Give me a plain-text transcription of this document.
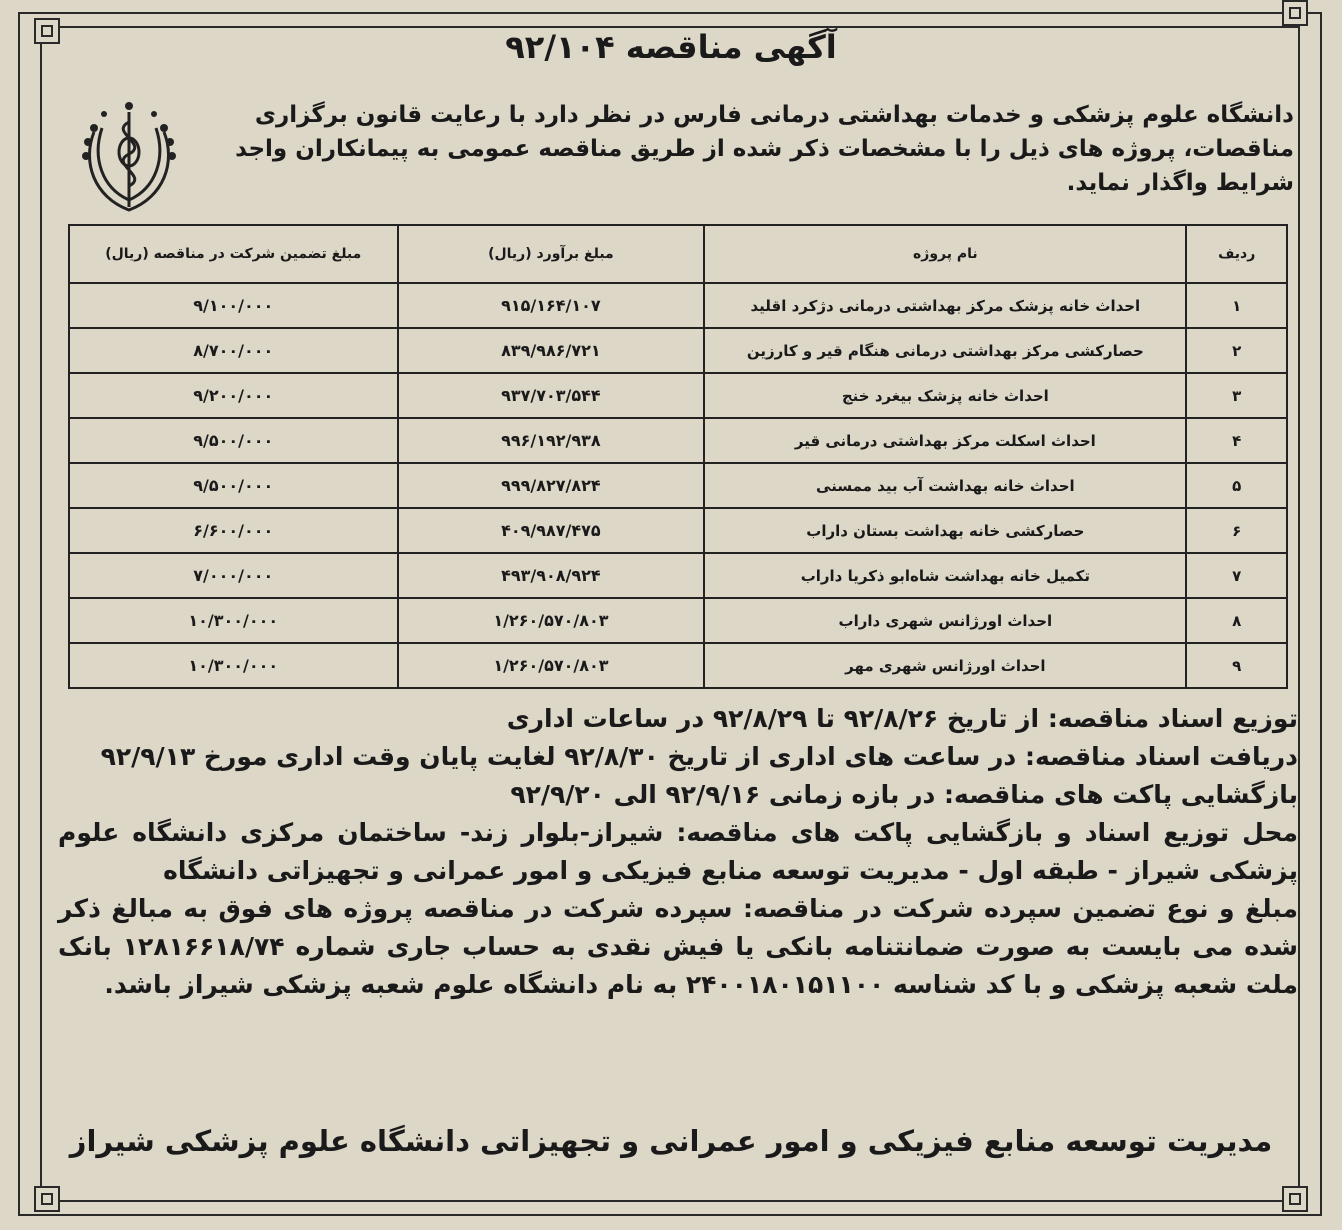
آگهی مناقصه ۹۲/۱۰۴
دانشگاه علوم پزشکی و خدمات بهداشتی درمانی فارس در نظر دارد با رعایت قانون برگزاری مناقصات، پروژه های ذیل را با مشخصات ذکر شده از طریق مناقصه عمومی به پیمانکاران واجد شرایط واگذار نماید.
ردیف	نام پروژه	مبلغ برآورد (ریال)	مبلغ تضمین شرکت در مناقصه (ریال)
۱	احداث خانه پزشک مرکز بهداشتی درمانی دژکرد اقلید	۹۱۵/۱۶۴/۱۰۷	۹/۱۰۰/۰۰۰
۲	حصارکشی مرکز بهداشتی درمانی هنگام قیر و کارزین	۸۳۹/۹۸۶/۷۲۱	۸/۷۰۰/۰۰۰
۳	احداث خانه پزشک بیغرد خنج	۹۳۷/۷۰۳/۵۴۴	۹/۲۰۰/۰۰۰
۴	احداث اسکلت مرکز بهداشتی درمانی قیر	۹۹۶/۱۹۲/۹۳۸	۹/۵۰۰/۰۰۰
۵	احداث خانه بهداشت آب بید ممسنی	۹۹۹/۸۲۷/۸۲۴	۹/۵۰۰/۰۰۰
۶	حصارکشی خانه بهداشت بستان داراب	۴۰۹/۹۸۷/۴۷۵	۶/۶۰۰/۰۰۰
۷	تکمیل خانه بهداشت شاه‌ابو ذکریا داراب	۴۹۳/۹۰۸/۹۲۴	۷/۰۰۰/۰۰۰
۸	احداث اورژانس شهری داراب	۱/۲۶۰/۵۷۰/۸۰۳	۱۰/۳۰۰/۰۰۰
۹	احداث اورژانس شهری مهر	۱/۲۶۰/۵۷۰/۸۰۳	۱۰/۳۰۰/۰۰۰

توزیع اسناد مناقصه: از تاریخ ۹۲/۸/۲۶ تا ۹۲/۸/۲۹ در ساعات اداری

دریافت اسناد مناقصه: در ساعت های اداری از تاریخ ۹۲/۸/۳۰ لغایت پایان وقت اداری مورخ ۹۲/۹/۱۳

بازگشایی پاکت های مناقصه: در بازه زمانی ۹۲/۹/۱۶ الی ۹۲/۹/۲۰

محل توزیع اسناد و بازگشایی پاکت های مناقصه: شیراز-بلوار زند- ساختمان مرکزی دانشگاه علوم پزشکی شیراز - طبقه اول - مدیریت توسعه منابع فیزیکی و امور عمرانی و تجهیزاتی دانشگاه

مبلغ و نوع تضمین سپرده شرکت در مناقصه: سپرده شرکت در مناقصه پروژه های فوق به مبالغ ذکر شده می بایست به صورت ضمانتنامه بانکی یا فیش نقدی به حساب جاری شماره ۱۲۸۱۶۶۱۸/۷۴ بانک ملت شعبه پزشکی و با کد شناسه ۲۴۰۰۱۸۰۱۵۱۱۰۰ به نام دانشگاه علوم شعبه پزشکی شیراز باشد.

مدیریت توسعه منابع فیزیکی و امور عمرانی و تجهیزاتی دانشگاه علوم پزشکی شیراز
